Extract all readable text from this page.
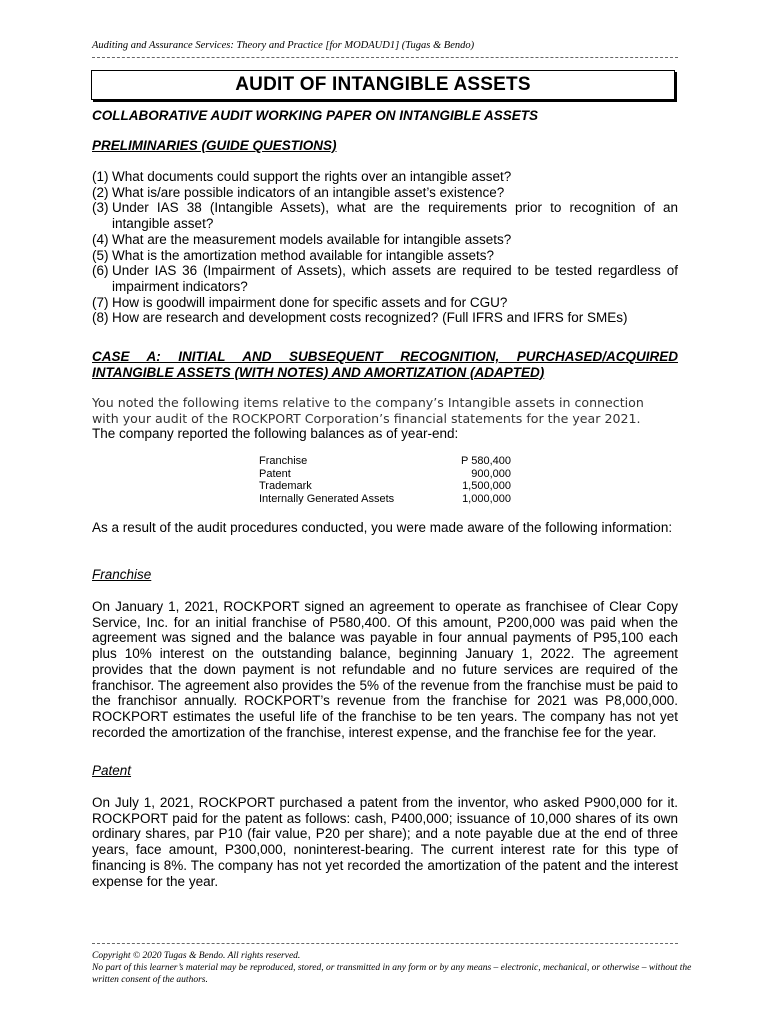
Auditing and Assurance Services: Theory and Practice [for MODAUD1] (Tugas & Bendo)
AUDIT OF INTANGIBLE ASSETS
COLLABORATIVE AUDIT WORKING PAPER ON INTANGIBLE ASSETS
PRELIMINARIES (GUIDE QUESTIONS)
(1) What documents could support the rights over an intangible asset?
(2) What is/are possible indicators of an intangible asset’s existence?
(3) Under IAS 38 (Intangible Assets), what are the requirements prior to recognition of an intangible asset?
(4) What are the measurement models available for intangible assets?
(5) What is the amortization method available for intangible assets?
(6) Under IAS 36 (Impairment of Assets), which assets are required to be tested regardless of impairment indicators?
(7) How is goodwill impairment done for specific assets and for CGU?
(8) How are research and development costs recognized? (Full IFRS and IFRS for SMEs)
CASE A: INITIAL AND SUBSEQUENT RECOGNITION, PURCHASED/ACQUIRED
INTANGIBLE ASSETS (WITH NOTES) AND AMORTIZATION (ADAPTED)
You noted the following items relative to the company’s Intangible assets in connection
with your audit of the ROCKPORT Corporation’s financial statements for the year 2021.
The company reported the following balances as of year-end:
Franchise	P 580,400
Patent	900,000
Trademark	1,500,000
Internally Generated Assets	1,000,000
As a result of the audit procedures conducted, you were made aware of the following information:
Franchise
On January 1, 2021, ROCKPORT signed an agreement to operate as franchisee of Clear Copy Service, Inc. for an initial franchise of P580,400. Of this amount, P200,000 was paid when the agreement was signed and the balance was payable in four annual payments of P95,100 each plus 10% interest on the outstanding balance, beginning January 1, 2022. The agreement provides that the down payment is not refundable and no future services are required of the franchisor. The agreement also provides the 5% of the revenue from the franchise must be paid to the franchisor annually. ROCKPORT’s revenue from the franchise for 2021 was P8,000,000. ROCKPORT estimates the useful life of the franchise to be ten years. The company has not yet recorded the amortization of the franchise, interest expense, and the franchise fee for the year.
Patent
On July 1, 2021, ROCKPORT purchased a patent from the inventor, who asked P900,000 for it. ROCKPORT paid for the patent as follows: cash, P400,000; issuance of 10,000 shares of its own ordinary shares, par P10 (fair value, P20 per share); and a note payable due at the end of three years, face amount, P300,000, noninterest-bearing. The current interest rate for this type of financing is 8%. The company has not yet recorded the amortization of the patent and the interest expense for the year.
Copyright © 2020 Tugas & Bendo. All rights reserved.
No part of this learner’s material may be reproduced, stored, or transmitted in any form or by any means – electronic, mechanical, or otherwise – without the written consent of the authors.
